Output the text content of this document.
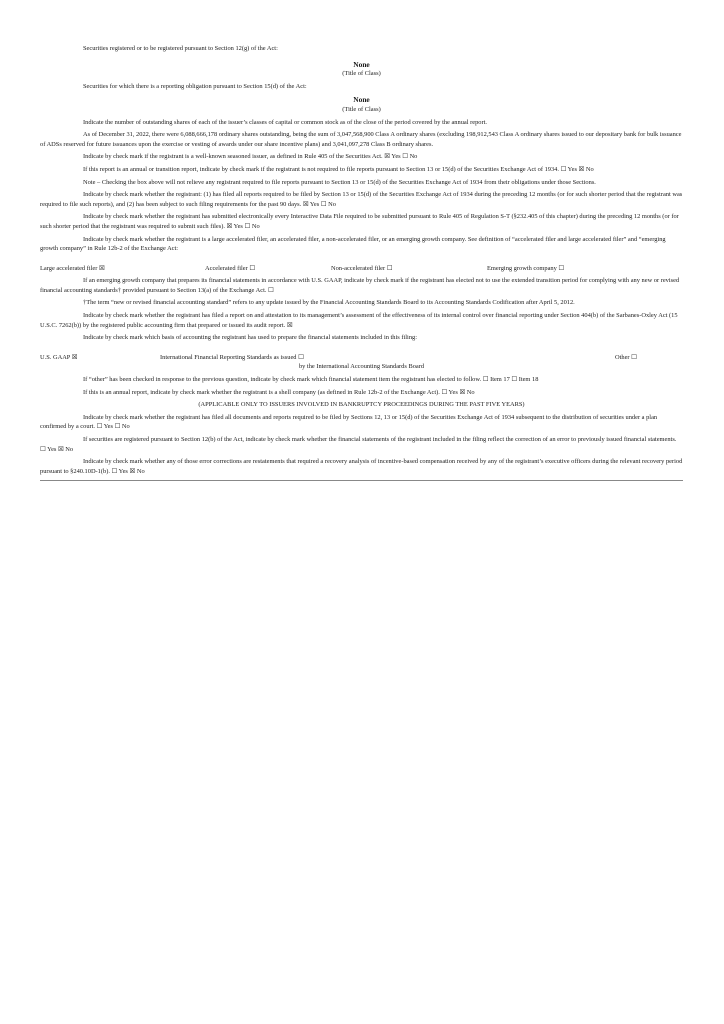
Securities registered or to be registered pursuant to Section 12(g) of the Act:

None

(Title of Class)

Securities for which there is a reporting obligation pursuant to Section 15(d) of the Act:

None

(Title of Class)

Indicate the number of outstanding shares of each of the issuer’s classes of capital or common stock as of the close of the period covered by the annual report.

As of December 31, 2022, there were 6,088,666,178 ordinary shares outstanding, being the sum of 3,047,568,900 Class A ordinary shares (excluding 198,912,543 Class A ordinary shares issued to our depositary bank for bulk issuance of ADSs reserved for future issuances upon the exercise or vesting of awards under our share incentive plans) and 3,041,097,278 Class B ordinary shares.

Indicate by check mark if the registrant is a well-known seasoned issuer, as defined in Rule 405 of the Securities Act. ☒ Yes ☐ No

If this report is an annual or transition report, indicate by check mark if the registrant is not required to file reports pursuant to Section 13 or 15(d) of the Securities Exchange Act of 1934. ☐ Yes ☒ No

Note – Checking the box above will not relieve any registrant required to file reports pursuant to Section 13 or 15(d) of the Securities Exchange Act of 1934 from their obligations under those Sections.

Indicate by check mark whether the registrant: (1) has filed all reports required to be filed by Section 13 or 15(d) of the Securities Exchange Act of 1934 during the preceding 12 months (or for such shorter period that the registrant was required to file such reports), and (2) has been subject to such filing requirements for the past 90 days. ☒ Yes ☐ No

Indicate by check mark whether the registrant has submitted electronically every Interactive Data File required to be submitted pursuant to Rule 405 of Regulation S-T (§232.405 of this chapter) during the preceding 12 months (or for such shorter period that the registrant was required to submit such files). ☒ Yes ☐ No

Indicate by check mark whether the registrant is a large accelerated filer, an accelerated filer, a non-accelerated filer, or an emerging growth company. See definition of “accelerated filer and large accelerated filer” and “emerging growth company” in Rule 12b-2 of the Exchange Act:

Large accelerated filer ☒	Accelerated filer ☐	Non-accelerated filer ☐	Emerging growth company ☐

If an emerging growth company that prepares its financial statements in accordance with U.S. GAAP, indicate by check mark if the registrant has elected not to use the extended transition period for complying with any new or revised financial accounting standards† provided pursuant to Section 13(a) of the Exchange Act. ☐

†The term “new or revised financial accounting standard” refers to any update issued by the Financial Accounting Standards Board to its Accounting Standards Codification after April 5, 2012.

Indicate by check mark whether the registrant has filed a report on and attestation to its management’s assessment of the effectiveness of its internal control over financial reporting under Section 404(b) of the Sarbanes-Oxley Act (15 U.S.C. 7262(b)) by the registered public accounting firm that prepared or issued its audit report. ☒

Indicate by check mark which basis of accounting the registrant has used to prepare the financial statements included in this filing:

U.S. GAAP ☒	International Financial Reporting Standards as issued ☐	Other ☐

by the International Accounting Standards Board

If “other” has been checked in response to the previous question, indicate by check mark which financial statement item the registrant has elected to follow. ☐ Item 17 ☐ Item 18

If this is an annual report, indicate by check mark whether the registrant is a shell company (as defined in Rule 12b-2 of the Exchange Act). ☐ Yes ☒ No

(APPLICABLE ONLY TO ISSUERS INVOLVED IN BANKRUPTCY PROCEEDINGS DURING THE PAST FIVE YEARS)

Indicate by check mark whether the registrant has filed all documents and reports required to be filed by Sections 12, 13 or 15(d) of the Securities Exchange Act of 1934 subsequent to the distribution of securities under a plan confirmed by a court. ☐ Yes ☐ No

If securities are registered pursuant to Section 12(b) of the Act, indicate by check mark whether the financial statements of the registrant included in the filing reflect the correction of an error to previously issued financial statements. ☐ Yes ☒ No

Indicate by check mark whether any of those error corrections are restatements that required a recovery analysis of incentive-based compensation received by any of the registrant’s executive officers during the relevant recovery period pursuant to §240.10D-1(b). ☐ Yes ☒ No
